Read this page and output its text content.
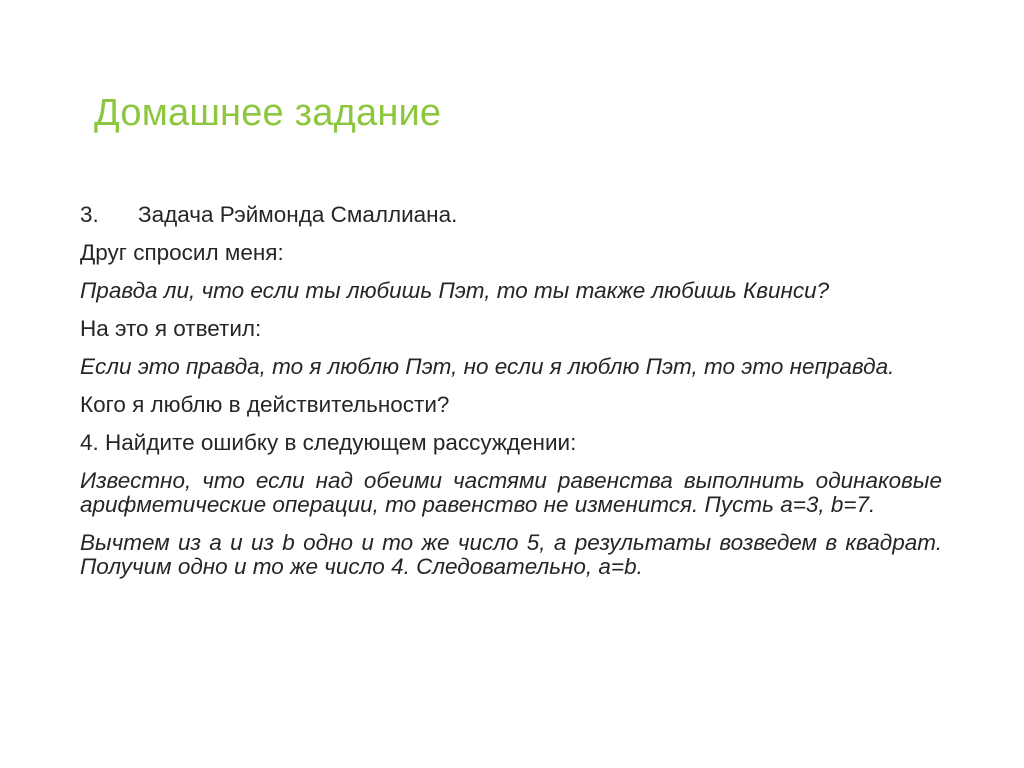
Домашнее задание

3. Задача Рэймонда Смаллиана.

Друг спросил меня:

Правда ли, что если ты любишь Пэт, то ты также любишь Квинси?

На это я ответил:

Если это правда, то я люблю Пэт, но если я люблю Пэт, то это неправда.

Кого я люблю в действительности?

4. Найдите ошибку в следующем рассуждении:

Известно, что если над обеими частями равенства выполнить одинаковые арифметические операции, то равенство не изменится. Пусть a=3, b=7.

Вычтем из a и из b одно и то же число 5, а результаты возведем в квадрат. Получим одно и то же число 4. Следовательно, a=b.
